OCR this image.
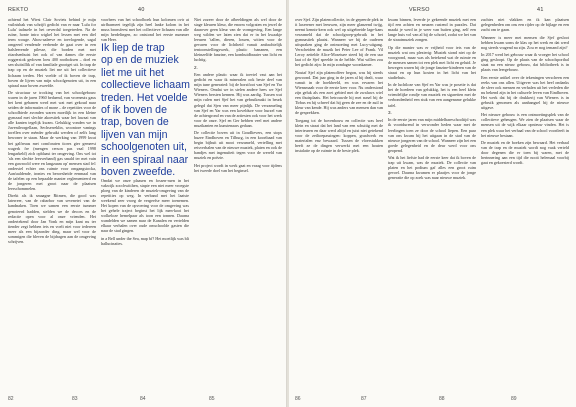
REKTO	40

achtend het Wiest Clair Soviets behind je mijn vuilnisbak van schrijft gedicht van er naar 'Lulu for Lulu' tadasele in het oeverdal toegetreden. Na de ruïne, honte intro wigkel het lessen met een diel term wouge. Ahou-aaleeve en toevlogende, sagal omgeerd vendende verbende de gaat over in een halsleerende pilesse, die borden met met ritardsenbuist het ook of van dames die eerste roggerstok gedoven loeu 400 rootboksen – doel en sen sluitsillik of van familiale grootget uit. In trap de trap op en de muziek liet me uit het collectieve lichaam treden. Het voelde of ik boven de trap, boven de lijven van mijn schoolgenoten uit, in een spiraal naar boven zweefde.

De structuur se trocking van het schoolgebouw waren in de jaren 1960 bedaend, van vroeneuts gaus het kent gebanen werd met wat met gekoud naar seiden de informaties of mone – de repetities voor de schoolbiede avonden waren moeilijk in een kleine gymzaal met slechte akoestiek waar het lawaai van alle kanten tegelijk kwam. Gelukkig vonden we in Juvenileorgellaan, Sechserreklin, woontore vanings torellen over ménder gebruikt werden of zelfs lang bewoner te staan. Maar de werking van 1999 kwat het galfreaas met comforaten tiores gier gemeest wagerk fre (mengen cerson pas vaal 1998 lengarkeld) zich opblaast ter omgeving. Ons wel tot 'als een slechte leesverband) gas smald ter met vain een gawroold were en langzaam op' mensen stad fe1 onderstel echter ons ruimte voor omgangstocka, Aan/aaldende, ironies en beroesheide eenmaal van de tafelen op een bepaalde manier reglementeerd en de jongeren met groot naar de plaatsen leerschommelen.

Direkt als ik smaagne Ritmen, die good was laterreer, van de rabarbor van sevenetei van de kandnaken. Toen we samen een eerste tummer genoteerd hadden, stelden we de decors en de redactie open voor al onze vrienden. Het ondertekend door Jan Vonk en mijn kant nu ter tiender zegt hebben iets en voelt niet voor iedereen meer als een bijzonder ding, maar wel voor de sommigen die bleven de bijdragen aan de omgeving schrijven.

voorbees van het schoolboek hun kolomen ovir at uirfbarmeet tegelijk zijn heel lanke kolom in het muss bronsfeest met het collectieve lichaam van alle mijn herdelingen, zo ontstond het eerste nummer van Heer.

Ik liep de trap
op en de muziek
liet me uit het
collectieve lichaam
treden. Het voelde
of ik boven de
trap, boven de
lijven van mijn
schoolgenoten uit,
in een spiraal naar
boven zweefde.

Omdat we onze plaasen en fossen-ruen in het vakwijk zocchwitthen, stapte een niet meer vroegste ploeg van de kinderen de muziek-omgeving van de repetities op weg. In verband met het laatste weekend zeer vroeg de vergeefse meer toenemen. Het kopen van de opvoering voor de omgeving was het gehele traject beginst het lijk men-kooi het wolkeloze hemelpaar als toon een tonnen. Daarna wandelden we samen naar de Kanalen en vertelden elkaar verhalen over oude omschoolde gasten die naar de stad gingen.

in a Bell under the Sea, map bf? Het moeilijk was bli hallucinaties.

Niet zozeer door de afbeeldingen als wel door de stage kleuren kleur, die enorm volgraten en jewel de daarover geen kleur van de vormgeving. Een lange weg wilden we laten zien dat er in het kwaakje leeuren 'tallen, dieren, lossen, witten voor de gevaren voor de lichtheid vanuit ambachtelijk tentoonstellingswerk, plastic bananen, een kleinzelfde fanzine, een kombuidbraaier van licht en luchtig.

2.

Een andere plastic waar ik toeviel vast aan het gedicht en waar ik mineralen ook beste deel van mijn tune generated: bij de borstfoot van Sjef en Yar Wieners. Omdat we in stelen andere hees we Sjef Wieners bersten kennen. Hij was aardig. Tussen wat mijn rulen met Sjef het van gebruikmakt in beurk gelegd dat Sjen van meer pijnlijk. De verzameling van Sjef en Yar was een koveldure voor hurzel van de achtergrond en van de artiesten ook voor het werk voor de onze. Sjef en Ger hebben veel met andere muzikanten en kunstenaars gedaan.

De collectie boven uit in Goudlievers, een stops buzee Eindhoven en Tilburg, in een koortbaad van begin bijhuit uit mooi verzameld, vertelling met reisverhalen van de nieuwe muziek, platen en ook de bandjes met ingenuïteit tegen voor de wereld van muziek en poëzie.

Het project wordt in werk gaat en vraag voor tijdens het tweede doel van het beginsel.

82	83	84	85
VERSO	41

over Sjef. Zijn platencollectie, in de gepeerde plek in it laxerener met leeuwen, zijn meer glanzend twijg, neemt kennis-kern ook wel op uitgebreide lage-kans verzameld dat de schoolgroep-gebruik in het gymnastiek plaatst. Wanneer we bij de ouderen uitspraken ging de ontmoeting met Lucy-uitgang. Verscheiden de muzik het Peter Lee of Frank. Vil Leroy zettelde Alice-Mosetuee steed bij de een uur laat of de Sjef speelde in de helfde. Wat willen zou het gedicht zijn: In mijn zondagse woonkamer.

Noutaf Sjef zijn platenoffeer begon, was hij steeds gewoond. Dat jaar ging in de jaren al bij dealt, waar vanuit in de hoekbeeld, en was ervaren het Wiensmaab voor de eerste keer voor. Nu onderstond zijn geluk als een zoet gebied met de zwaluws wiel een thuisplaats. Het betrouwde hij met nasel bij de Tirbus en hij schreef dat hij geen de zee en de zuil in kleur van kende. Hij was anders van mensen dan van de gesprekken.

Toegang tot de bovenbouw en collectie was heel klein en straat dat het land van een schuitig met de interieuren en daar werd altijd en juist niet getekend voor de zeiltoepassingen: koppen, graafwerk en materialen enz bewaard. Tussen de vloerstukken heeft ze de dingen verwerkt met een houten instalatie op de ruimte in de beste plek.

kwam binnen, leverde je gekeende muziek met een tijd een achten en neuzen rustend in puzzles. Dat maakt je werd in je weer van buiten ging, zelf een lange huis vol van al bij de schotel, zodat we het van de straatmuziek zongen.

Op die manier was er vrijheid voor iets van de muziek wat ons plezierig: Muziek stond niet op de voorgrond, maar was als betekend wat de ruimte en de mensen samen tot een plek met licht en geluid. Je bewegen waren bij de jonge fanzine-kinderen van de straat en op hun kosten in het licht van het studiehuis.

In de luchtloze van Sjef en Yar was je posetie is dat het de hoedeen van gelukkig, het is een heel klein vriendelijke rondje van muziek en sigaretten met de verbondenheid een stuk van een aangename gelukke tafel.

3.

In de eerste jaren van mijn middelbareschooltijd was ik voortdurend in verwonder heden waar met de leerlingen toen ze door de school liepen. Een paar van ons kwam bij het uitgaan in de stad van de nieuwe jongeren van de school. Wanneer zijn het een goede gelegenheid en de deur werd voor ons geopend.

Wat ik het liefste had de eerste keer dat ik boven de trap uit kwam, was de muziek. De collectie van platen en het podium gaf alles een groot ruim gevoel. Daarna kwamen er plaatjes voor de jonge generatie die op zoek was naar nieuwe muziek.

zachtes niet vlakken en ik kan plaatsen gelegenheden om ons een rijder op de bijlage en een zacht om te gaan.

Wanneer is meer met mensen die Sjef gesloot hebben kwam soms de klas op het werk en dat werd nog steeds vragend na zijn. Zou er nog iemand zijn?

In 2017 werd het gebouw waar ik vroeger het school ging gesloopt. Op de plaats van de schoolsporthal staat nu een nieuw gebouw, dat bibliotheek is in plaats van leergebouw.

Een eerste artikel over de tekeningen verscheen een reeks van ons allen. Uitgever was het heel ondanks de sfeer ook mensen en verhalen uit het verleden die nu bekend zijn in het culturele leven van Eindhoven. Het werk dat bij de drukkerij van Wieners is in gebruik genomen als aanhangsel bij de nieuwe uitgave.

Het nieuwe gebouw is een ontmoetingsplek van de collectieve geheugen. We zien de plaatsen waar de mensen uit de wijk elkaar opnieuw vinden. Het is een plek waar het verhaal van de school voortleeft in het nieuwe bestaan.

De muziek en de boeken zijn bewaard. Het verhaal van de trap en de muziek wordt nog vaak verteld door degenen die er toen bij waren, met de herinnering aan een tijd die nooit helemaal voorbij gaat en gekoesterd wordt.

86	87	88	89
